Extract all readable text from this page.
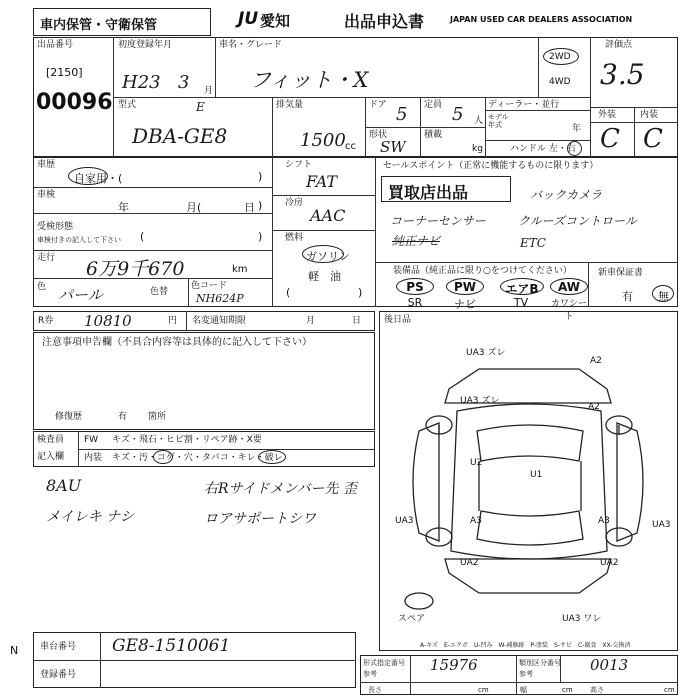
車内保管・守衛保管	JU 愛知	出品申込書	JAPAN USED CAR DEALERS ASSOCIATION
出品番号
[2150]
00096
初度登録年月
H23 3 月
車名・グレード
フィット・X
2WD
4WD
評価点
3.5
外装	内装
C C
型式	E
DBA-GE8
排気量
1500 cc
ドア 5 定員 5 人
形状
SW
積載
kg
ディーラー・並行
モデル
年式	年
ハンドル 左・右
車歴
自家用・(	)
車検
年	月(	日 )
受検形態
車検付きの記入して下さい (	)
走行 6万9千670	km
色 パール	色替
色コード
NH624P
シフト
FAT
冷房
AAC
燃料
ガソリン
軽　油
(	)
セールスポイント（正常に機能するものに限ります）
買取店出品	バックカメラ
コーナーセンサー	クルーズコントロール
純正ナビ	ETC
装備品（純正品に限り○をつけてください）
PS	PW	エアB	AW
SR	ナビ	TV	カワシート
新車保証書
有 無
R券 10810	円 名変通知期限	月	日
注意事項申告欄（不具合内容等は具体的に記入して下さい）
修復歴	有 箇所
検査員
記入欄
FW キズ・飛石・ヒビ割・リペア跡・X要
内装 キズ・汚・コゲ・穴・タバコ・キレ・破レ
8AU
メイレキ ナシ
右Rサイドメンバー先 歪
ロアサポートシワ
後日品
UA3 ズレ
A2
UA3 ズレ
A2
U2
U1
UA3	A3	A3	UA3
UA2	UA2
UA3 ワレ
スペア
A-キズ　E-エクボ　U-凹み　W-補修跡　P-塗装　S-サビ　C-腐食　XX-交換済
N 車台番号 GE8-1510061
登録番号
形式指定番号
参考	15976	類別区分番号
参考	0013
長さ	cm	幅	cm 高さ	cm
